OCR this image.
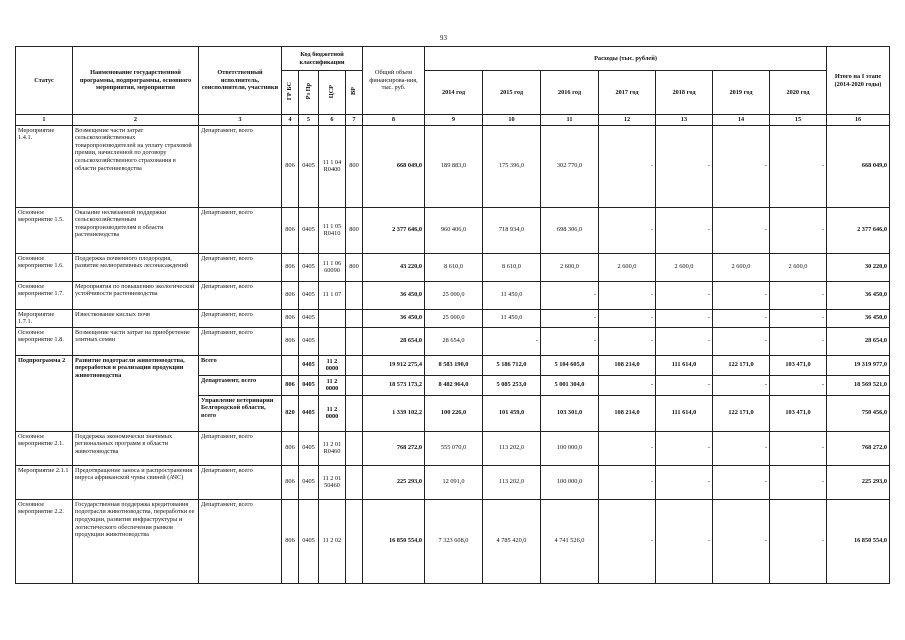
93
Статус	Наименование государственной программы, подпрограммы, основного мероприятия, мероприятия	Ответственный исполнитель, соисполнители, участники	Код бюджетной классификации				Общий объем финансирова-ния, тыс. руб.	Расходы (тыс. рублей)							Итого на I этапе (2014-2020 годы)

			ГР БС	Рз Пр	ЦСР	ВР		2014 год	2015 год	2016 год	2017 год	2018 год	2019 год	2020 год	
1	2	3	4	5	6	7	8	9	10	11	12	13	14	15	16
Мероприятие 1.4.1.	Возмещение части затрат сельскохозяйственных товаропроизводителей на уплату страховой премии, начисленной по договору сельскохозяйственного страхования в области растениеводства	Департамент, всего	806	0405	11 1 04 R0400	800	668 049,0	189 883,0	175 396,0	302 770,0	-	-	-	-	668 049,0
Основное мероприятие 1.5.	Оказание несвязанной поддержки сельскохозяйственным товаропроизводителям в области растениеводства	Департамент, всего	806	0405	11 1 05 R0410	800	2 377 646,0	960 406,0	718 934,0	698 306,0	-	-	-	-	2 377 646,0
Основное мероприятие 1.6.	Поддержка почвенного плодородия, развитие мелиоративных лесонасаждений	Департамент, всего	806	0405	11 1 06 60090	800	43 220,0	8 610,0	8 610,0	2 600,0	2 600,0	2 600,0	2 600,0	2 600,0	30 220,0
Основное мероприятие 1.7.	Мероприятия по повышению экологической устойчивости растениеводства	Департамент, всего	806	0405	11 1 07		36 450,0	25 000,0	11 450,0	-	-	-	-	-	36 450,0
Мероприятие 1.7.1.	Известкование кислых почв	Департамент, всего	806	0405			36 450,0	25 000,0	11 450,0	-	-	-	-	-	36 450,0
Основное мероприятие 1.8.	Возмещение части затрат на приобретение элитных семян	Департамент, всего	806	0405			28 654,0	28 654,0	-	-	-	-	-	-	28 654,0
Подпрограмма 2	Развитие подотрасли животноводства, переработки и реализации продукции животноводства	Всего		0405	11 2 0000		19 912 275,4	8 583 190,0	5 186 712,0	5 104 605,0	108 214,0	111 614,0	122 171,0	103 471,0	19 319 977,0
		Департамент, всего	806	0405	11 2 0000		18 573 173,2	8 482 964,0	5 085 253,0	5 001 304,0	-	-	-	-	18 569 521,0
		Управление ветеринарии Белгородской области, всего	820	0405	11 2 0000		1 339 102,2	100 226,0	101 459,0	103 301,0	108 214,0	111 614,0	122 171,0	103 471,0	750 456,0
Основное мероприятие 2.1.	Поддержка экономически значимых региональных программ в области животноводства	Департамент, всего	806	0405	11 2 01 R0460		768 272,0	555 070,0	113 202,0	100 000,0	-	-	-	-	768 272,0
Мероприятие 2.1.1	Предотвращение заноса и распространения вируса африканской чумы свиней (АЧС)	Департамент, всего	806	0405	11 2 01 50460		225 293,0	12 091,0	113 202,0	100 000,0	-	-	-	-	225 293,0
Основное мероприятие 2.2.	Государственная поддержка кредитования подотрасли животноводства, переработки ее продукции, развития инфраструктуры и логистического обеспечения рынков продукции животноводства	Департамент, всего	806	0405	11 2 02		16 850 554,0	7 323 608,0	4 785 420,0	4 741 526,0	-	-	-	-	16 850 554,0
